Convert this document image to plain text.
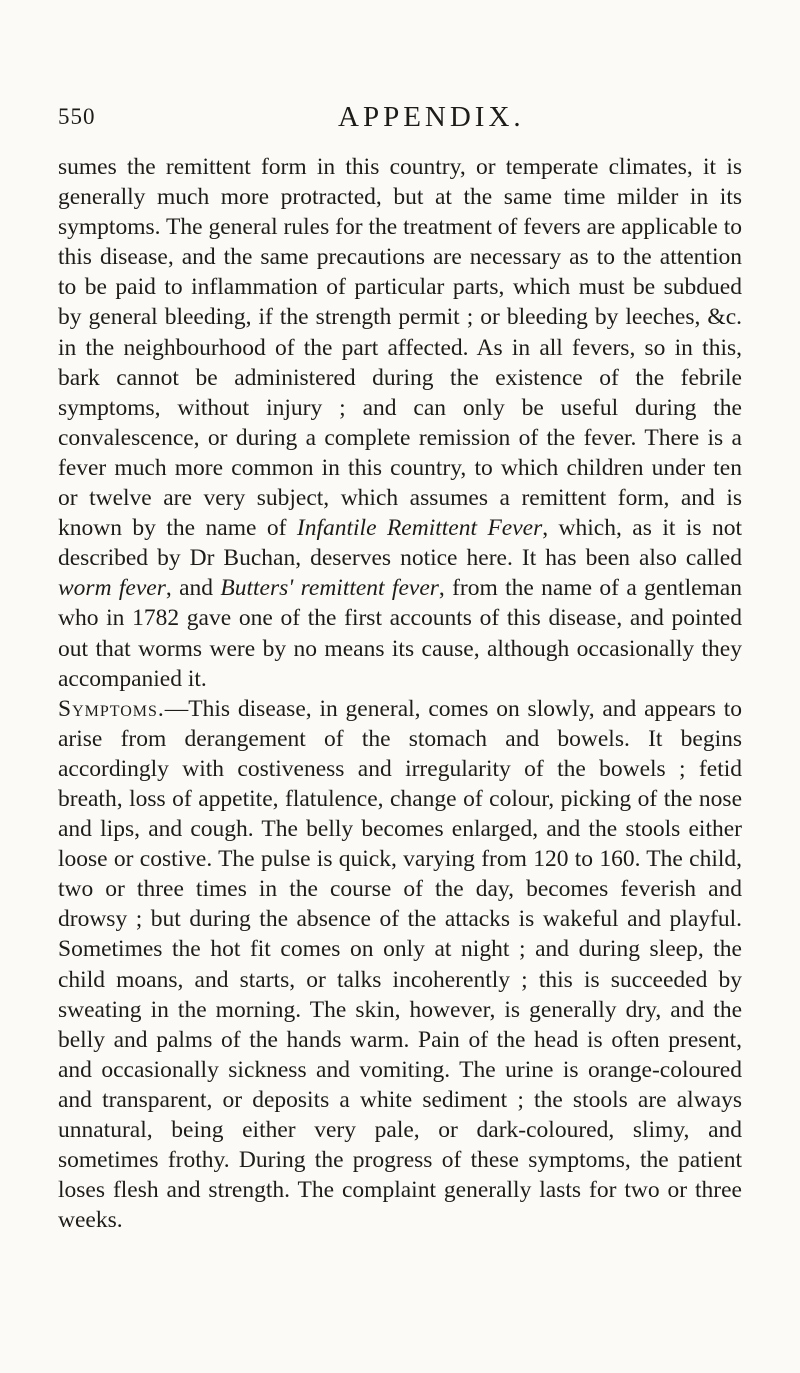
550	APPENDIX.

sumes the remittent form in this country, or temperate climates, it is generally much more protracted, but at the same time milder in its symptoms. The general rules for the treatment of fevers are applicable to this disease, and the same precautions are necessary as to the attention to be paid to inflammation of particular parts, which must be subdued by general bleeding, if the strength permit ; or bleeding by leeches, &c. in the neighbourhood of the part affected. As in all fevers, so in this, bark cannot be administered during the existence of the febrile symptoms, without injury ; and can only be useful during the convalescence, or during a complete remission of the fever. There is a fever much more common in this country, to which children under ten or twelve are very subject, which assumes a remittent form, and is known by the name of Infantile Remittent Fever, which, as it is not described by Dr Buchan, deserves notice here. It has been also called worm fever, and Butters' remittent fever, from the name of a gentleman who in 1782 gave one of the first accounts of this disease, and pointed out that worms were by no means its cause, although occasionally they accompanied it.

Symptoms.—This disease, in general, comes on slowly, and appears to arise from derangement of the stomach and bowels. It begins accordingly with costiveness and irregularity of the bowels ; fetid breath, loss of appetite, flatulence, change of colour, picking of the nose and lips, and cough. The belly becomes enlarged, and the stools either loose or costive. The pulse is quick, varying from 120 to 160. The child, two or three times in the course of the day, becomes feverish and drowsy ; but during the absence of the attacks is wakeful and playful. Sometimes the hot fit comes on only at night ; and during sleep, the child moans, and starts, or talks incoherently ; this is succeeded by sweating in the morning. The skin, however, is generally dry, and the belly and palms of the hands warm. Pain of the head is often present, and occasionally sickness and vomiting. The urine is orange-coloured and transparent, or deposits a white sediment ; the stools are always unnatural, being either very pale, or dark-coloured, slimy, and sometimes frothy. During the progress of these symptoms, the patient loses flesh and strength. The complaint generally lasts for two or three weeks.
